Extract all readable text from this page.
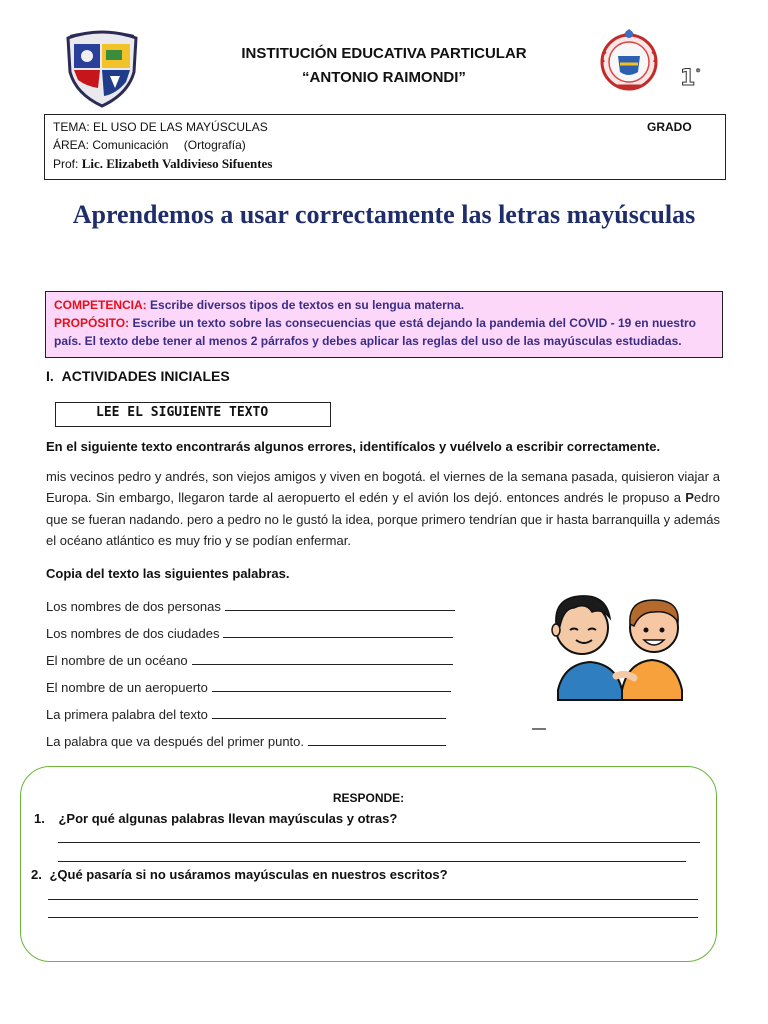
INSTITUCIÓN EDUCATIVA PARTICULAR
“ANTONIO RAIMONDI”	1°
TEMA: EL USO DE LAS MAYÚSCULAS
ÁREA: Comunicación (Ortografía)
Prof: Lic. Elizabeth Valdivieso Sifuentes
GRADO
Aprendemos a usar correctamente las letras mayúsculas
COMPETENCIA: Escribe diversos tipos de textos en su lengua materna.
PROPÓSITO: Escribe un texto sobre las consecuencias que está dejando la pandemia del COVID - 19 en nuestro país. El texto debe tener al menos 2 párrafos y debes aplicar las reglas del uso de las mayúsculas estudiadas.
I. ACTIVIDADES INICIALES
LEE EL SIGUIENTE TEXTO
En el siguiente texto encontrarás algunos errores, identifícalos y vuélvelo a escribir correctamente.
mis vecinos pedro y andrés, son viejos amigos y viven en bogotá. el viernes de la semana pasada, quisieron viajar a Europa. Sin embargo, llegaron tarde al aeropuerto el edén y el avión los dejó. entonces andrés le propuso a Pedro que se fueran nadando. pero a pedro no le gustó la idea, porque primero tendrían que ir hasta barranquilla y además el océano atlántico es muy frio y se podían enfermar.
Copia del texto las siguientes palabras.
Los nombres de dos personas
Los nombres de dos ciudades
El nombre de un océano
El nombre de un aeropuerto
La primera palabra del texto
La palabra que va después del primer punto.
RESPONDE:
1. ¿Por qué algunas palabras llevan mayúsculas y otras?
2. ¿Qué pasaría si no usáramos mayúsculas en nuestros escritos?
